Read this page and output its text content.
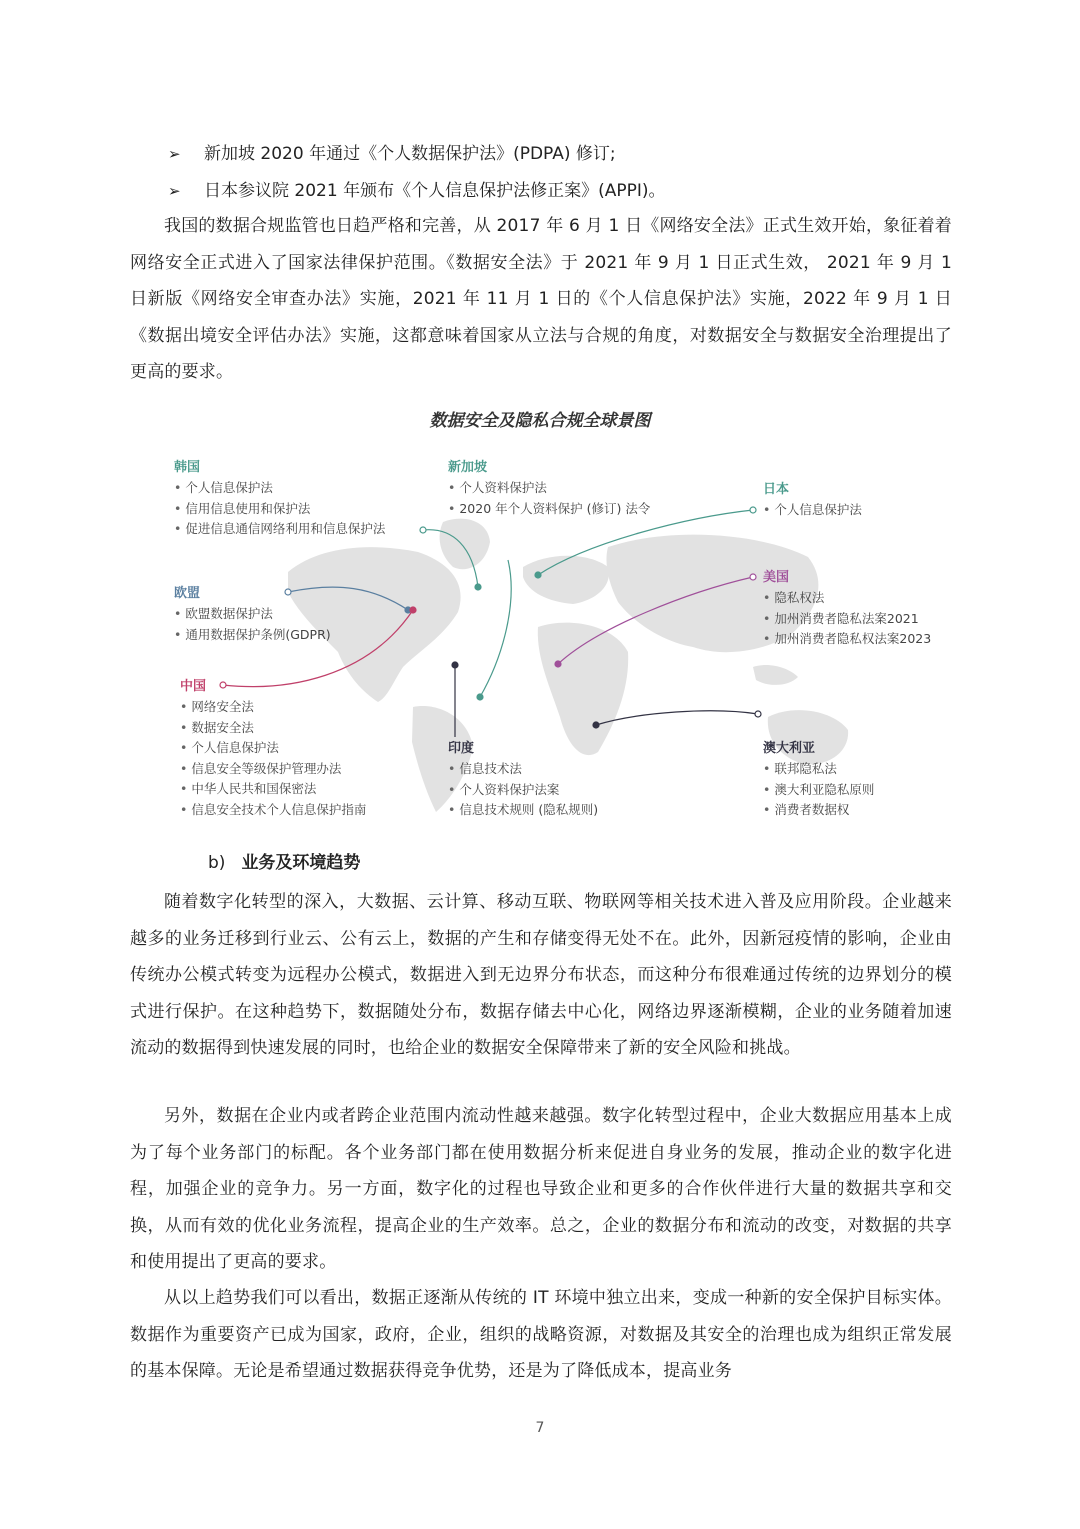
➢ 新加坡 2020 年通过《个人数据保护法》(PDPA) 修订;
➢ 日本参议院 2021 年颁布《个人信息保护法修正案》(APPI)。
我国的数据合规监管也日趋严格和完善，从 2017 年 6 月 1 日《网络安全法》正式生效开始，象征着着网络安全正式进入了国家法律保护范围。《数据安全法》于 2021 年 9 月 1 日正式生效， 2021 年 9 月 1 日新版《网络安全审查办法》实施，2021 年 11 月 1 日的《个人信息保护法》实施，2022 年 9 月 1 日《数据出境安全评估办法》实施，这都意味着国家从立法与合规的角度，对数据安全与数据安全治理提出了更高的要求。
数据安全及隐私合规全球景图
韩国
• 个人信息保护法
• 信用信息使用和保护法
• 促进信息通信网络利用和信息保护法
新加坡
• 个人资料保护法
• 2020 年个人资料保护 (修订) 法令
日本
• 个人信息保护法
欧盟
• 欧盟数据保护法
• 通用数据保护条例(GDPR)
美国
• 隐私权法
• 加州消费者隐私法案2021
• 加州消费者隐私权法案2023
中国
• 网络安全法
• 数据安全法
• 个人信息保护法
• 信息安全等级保护管理办法
• 中华人民共和国保密法
• 信息安全技术个人信息保护指南
印度
• 信息技术法
• 个人资料保护法案
• 信息技术规则 (隐私规则)
澳大利亚
• 联邦隐私法
• 澳大利亚隐私原则
• 消费者数据权
b) 业务及环境趋势
随着数字化转型的深入，大数据、云计算、移动互联、物联网等相关技术进入普及应用阶段。企业越来越多的业务迁移到行业云、公有云上，数据的产生和存储变得无处不在。此外，因新冠疫情的影响，企业由传统办公模式转变为远程办公模式，数据进入到无边界分布状态，而这种分布很难通过传统的边界划分的模式进行保护。在这种趋势下，数据随处分布，数据存储去中心化，网络边界逐渐模糊，企业的业务随着加速流动的数据得到快速发展的同时，也给企业的数据安全保障带来了新的安全风险和挑战。
另外，数据在企业内或者跨企业范围内流动性越来越强。数字化转型过程中，企业大数据应用基本上成为了每个业务部门的标配。各个业务部门都在使用数据分析来促进自身业务的发展，推动企业的数字化进程，加强企业的竞争力。另一方面，数字化的过程也导致企业和更多的合作伙伴进行大量的数据共享和交换，从而有效的优化业务流程，提高企业的生产效率。总之，企业的数据分布和流动的改变，对数据的共享和使用提出了更高的要求。
从以上趋势我们可以看出，数据正逐渐从传统的 IT 环境中独立出来，变成一种新的安全保护目标实体。数据作为重要资产已成为国家，政府，企业，组织的战略资源，对数据及其安全的治理也成为组织正常发展的基本保障。无论是希望通过数据获得竞争优势，还是为了降低成本，提高业务
7
